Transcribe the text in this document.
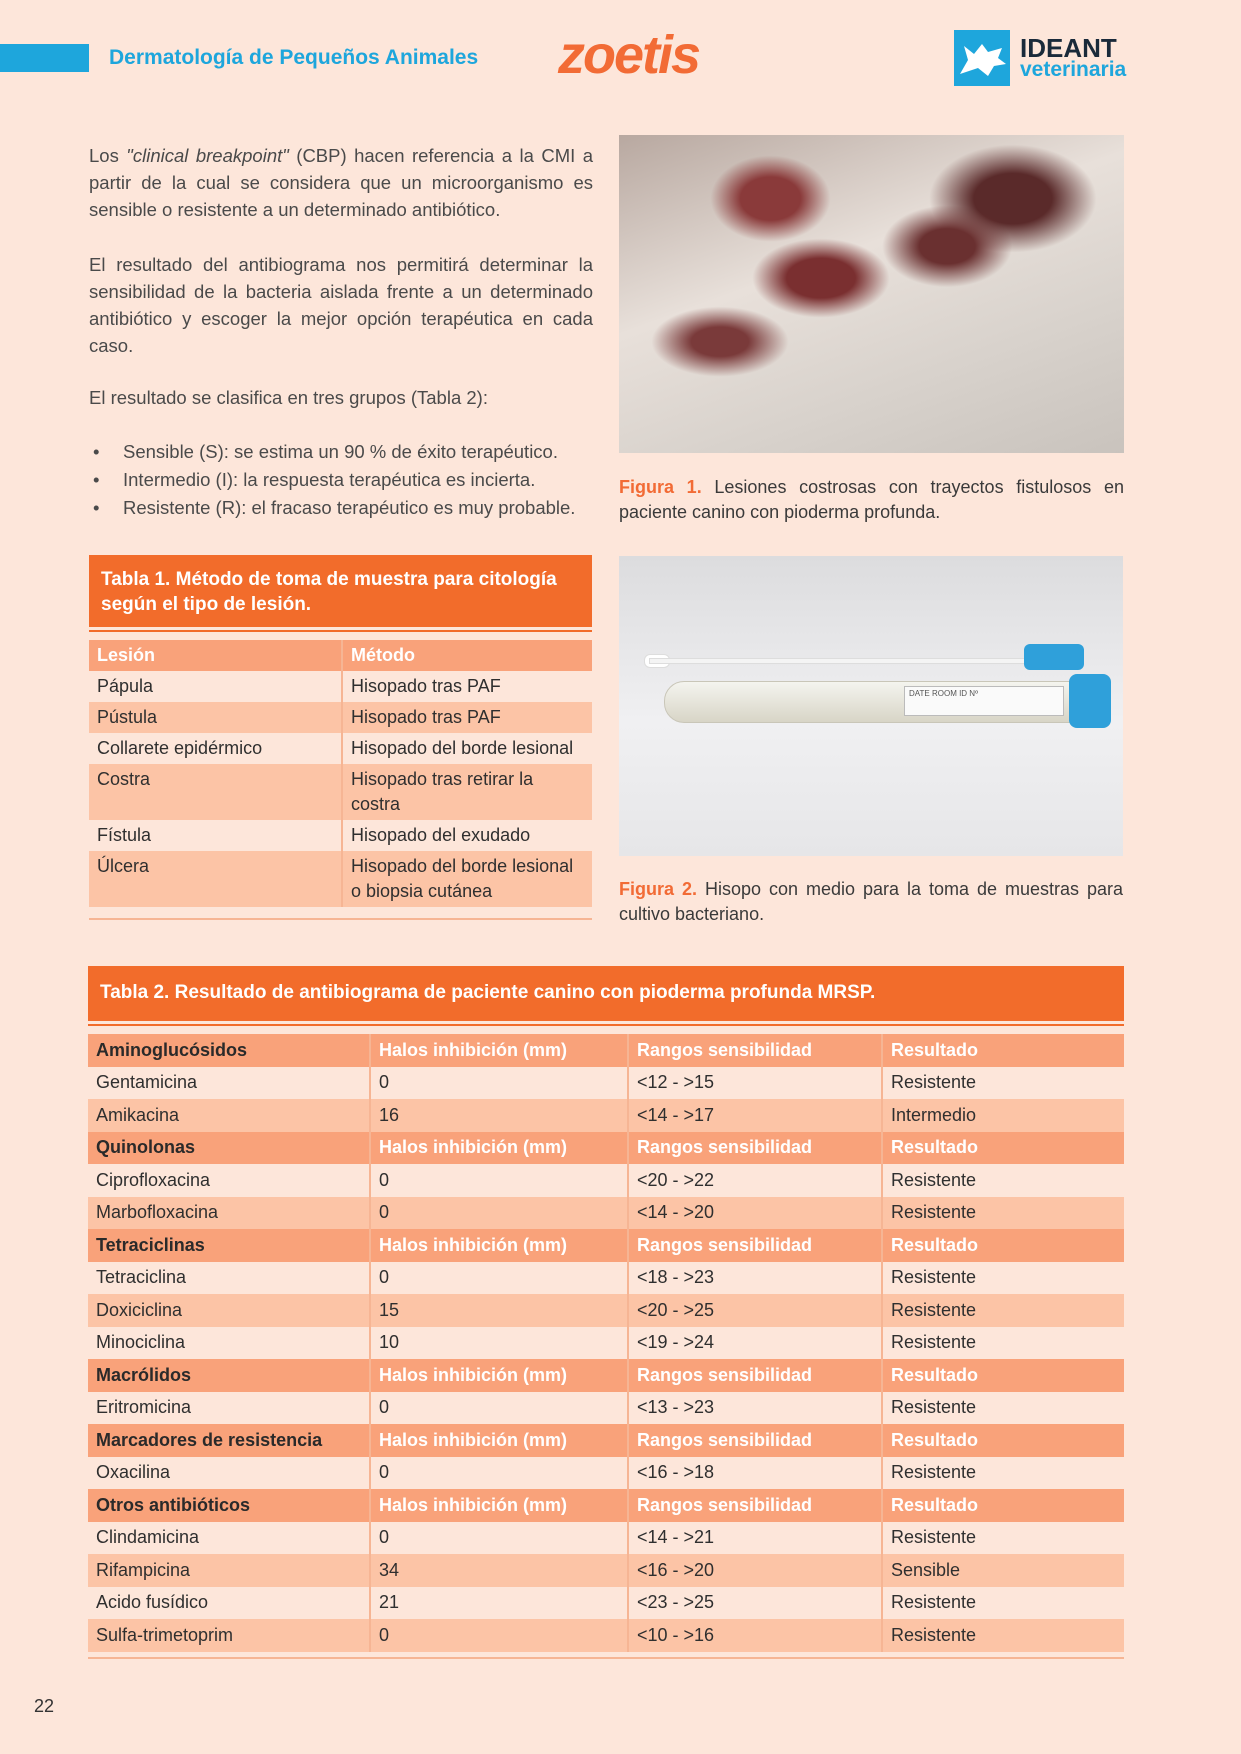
Dermatología de Pequeños Animales zoetis	IDEANT
veterinaria
Los "clinical breakpoint" (CBP) hacen referencia a la CMI a partir de la cual se considera que un microorganismo es sensible o resistente a un determinado antibiótico.
El resultado del antibiograma nos permitirá determinar la sensibilidad de la bacteria aislada frente a un determinado antibiótico y escoger la mejor opción terapéutica en cada caso.
El resultado se clasifica en tres grupos (Tabla 2):
• Sensible (S): se estima un 90 % de éxito terapéutico.
• Intermedio (I): la respuesta terapéutica es incierta.
• Resistente (R): el fracaso terapéutico es muy probable.
Figura 1. Lesiones costrosas con trayectos fistulosos en paciente canino con pioderma profunda.
Tabla 1. Método de toma de muestra para citología según el tipo de lesión.
Lesión	Método
Pápula	Hisopado tras PAF
Pústula	Hisopado tras PAF
Collarete epidérmico	Hisopado del borde lesional
Costra	Hisopado tras retirar la costra
Fístula	Hisopado del exudado
Úlcera	Hisopado del borde lesional o biopsia cutánea
DATE ROOM ID Nº
Figura 2. Hisopo con medio para la toma de muestras para cultivo bacteriano.
Tabla 2. Resultado de antibiograma de paciente canino con pioderma profunda MRSP.
Aminoglucósidos	Halos inhibición (mm)	Rangos sensibilidad	Resultado
Gentamicina	0	<12 - >15	Resistente
Amikacina	16	<14 - >17	Intermedio
Quinolonas	Halos inhibición (mm)	Rangos sensibilidad	Resultado
Ciprofloxacina	0	<20 - >22	Resistente
Marbofloxacina	0	<14 - >20	Resistente
Tetraciclinas	Halos inhibición (mm)	Rangos sensibilidad	Resultado
Tetraciclina	0	<18 - >23	Resistente
Doxiciclina	15	<20 - >25	Resistente
Minociclina	10	<19 - >24	Resistente
Macrólidos	Halos inhibición (mm)	Rangos sensibilidad	Resultado
Eritromicina	0	<13 - >23	Resistente
Marcadores de resistencia	Halos inhibición (mm)	Rangos sensibilidad	Resultado
Oxacilina	0	<16 - >18	Resistente
Otros antibióticos	Halos inhibición (mm)	Rangos sensibilidad	Resultado
Clindamicina	0	<14 - >21	Resistente
Rifampicina	34	<16 - >20	Sensible
Acido fusídico	21	<23 - >25	Resistente
Sulfa-trimetoprim	0	<10 - >16	Resistente
22
